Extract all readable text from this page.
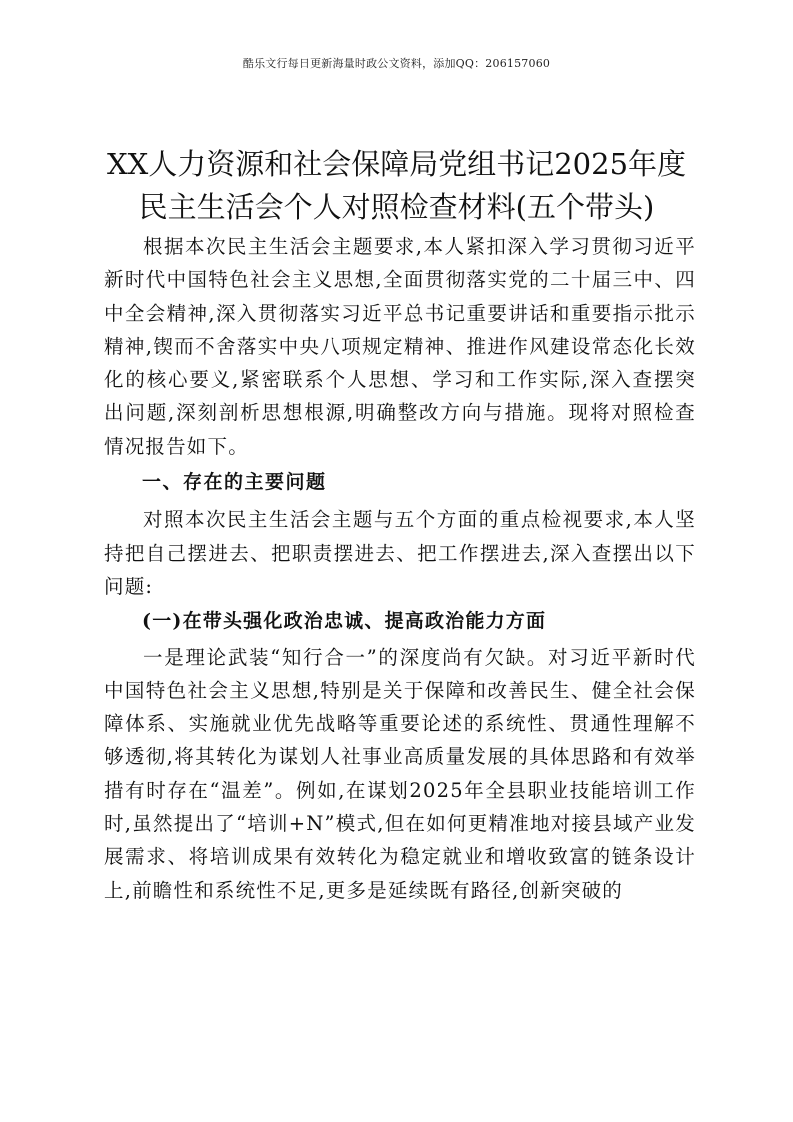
酷乐文行每日更新海量时政公文资料，添加QQ：206157060
XX人力资源和社会保障局党组书记2025年度
民主生活会个人对照检查材料(五个带头)

根据本次民主生活会主题要求,本人紧扣深入学习贯彻习近平新时代中国特色社会主义思想,全面贯彻落实党的二十届三中、四中全会精神,深入贯彻落实习近平总书记重要讲话和重要指示批示精神,锲而不舍落实中央八项规定精神、推进作风建设常态化长效化的核心要义,紧密联系个人思想、学习和工作实际,深入查摆突出问题,深刻剖析思想根源,明确整改方向与措施。现将对照检查情况报告如下。

一、存在的主要问题

对照本次民主生活会主题与五个方面的重点检视要求,本人坚持把自己摆进去、把职责摆进去、把工作摆进去,深入查摆出以下问题:

(一)在带头强化政治忠诚、提高政治能力方面

一是理论武装“知行合一”的深度尚有欠缺。对习近平新时代中国特色社会主义思想,特别是关于保障和改善民生、健全社会保障体系、实施就业优先战略等重要论述的系统性、贯通性理解不够透彻,将其转化为谋划人社事业高质量发展的具体思路和有效举措有时存在“温差”。例如,在谋划2025年全县职业技能培训工作时,虽然提出了“培训+N”模式,但在如何更精准地对接县域产业发展需求、将培训成果有效转化为稳定就业和增收致富的链条设计上,前瞻性和系统性不足,更多是延续既有路径,创新突破的
